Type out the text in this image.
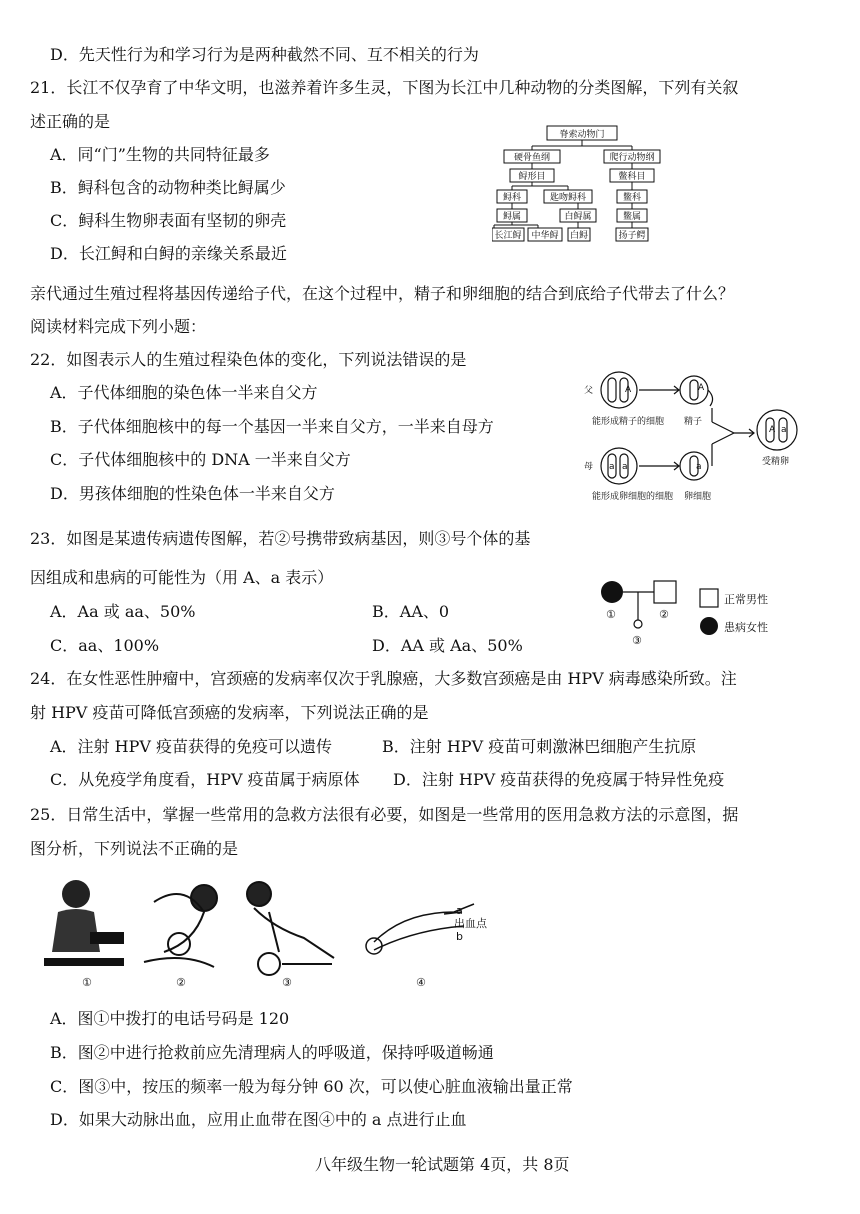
D．先天性行为和学习行为是两种截然不同、互不相关的行为
21．长江不仅孕育了中华文明，也滋养着许多生灵，下图为长江中几种动物的分类图解，下列有关叙
述正确的是
A．同“门”生物的共同特征最多
B．鲟科包含的动物种类比鲟属少
C．鲟科生物卵表面有坚韧的卵壳
D．长江鲟和白鲟的亲缘关系最近
脊索动物门
硬骨鱼纲	爬行动物纲
鲟形目	鳖科目
鲟科	匙吻鲟科	鳖科
鲟属	白鲟属	鳖属
长江鲟 中华鲟 白鲟	扬子鳄
亲代通过生殖过程将基因传递给子代，在这个过程中，精子和卵细胞的结合到底给子代带去了什么？
阅读材料完成下列小题：
22．如图表示人的生殖过程染色体的变化，下列说法错误的是
A．子代体细胞的染色体一半来自父方
B．子代体细胞核中的每一个基因一半来自父方，一半来自母方
C．子代体细胞核中的 DNA 一半来自父方
D．男孩体细胞的性染色体一半来自父方
父	A	A
能形成精子的细胞 精子
母 a a	a
能形成卵细胞的细胞 卵细胞
A a
受精卵
23．如图是某遗传病遗传图解，若②号携带致病基因，则③号个体的基
因组成和患病的可能性为（用 A、a 表示）
A．Aa 或 aa、50%	B．AA、0
C．aa、100%	D．AA 或 Aa、50%
①	②
③
正常男性
患病女性
24．在女性恶性肿瘤中，宫颈癌的发病率仅次于乳腺癌，大多数宫颈癌是由 HPV 病毒感染所致。注
射 HPV 疫苗可降低宫颈癌的发病率，下列说法正确的是
A．注射 HPV 疫苗获得的免疫可以遗传	B．注射 HPV 疫苗可刺激淋巴细胞产生抗原
C．从免疫学角度看，HPV 疫苗属于病原体 D．注射 HPV 疫苗获得的免疫属于特异性免疫
25．日常生活中，掌握一些常用的急救方法很有必要，如图是一些常用的医用急救方法的示意图，据
图分析，下列说法不正确的是
a
出血点
b
①	②	③	④
A．图①中拨打的电话号码是 120
B．图②中进行抢救前应先清理病人的呼吸道，保持呼吸道畅通
C．图③中，按压的频率一般为每分钟 60 次，可以使心脏血液输出量正常
D．如果大动脉出血，应用止血带在图④中的 a 点进行止血
八年级生物一轮试题第 4页，共 8页
